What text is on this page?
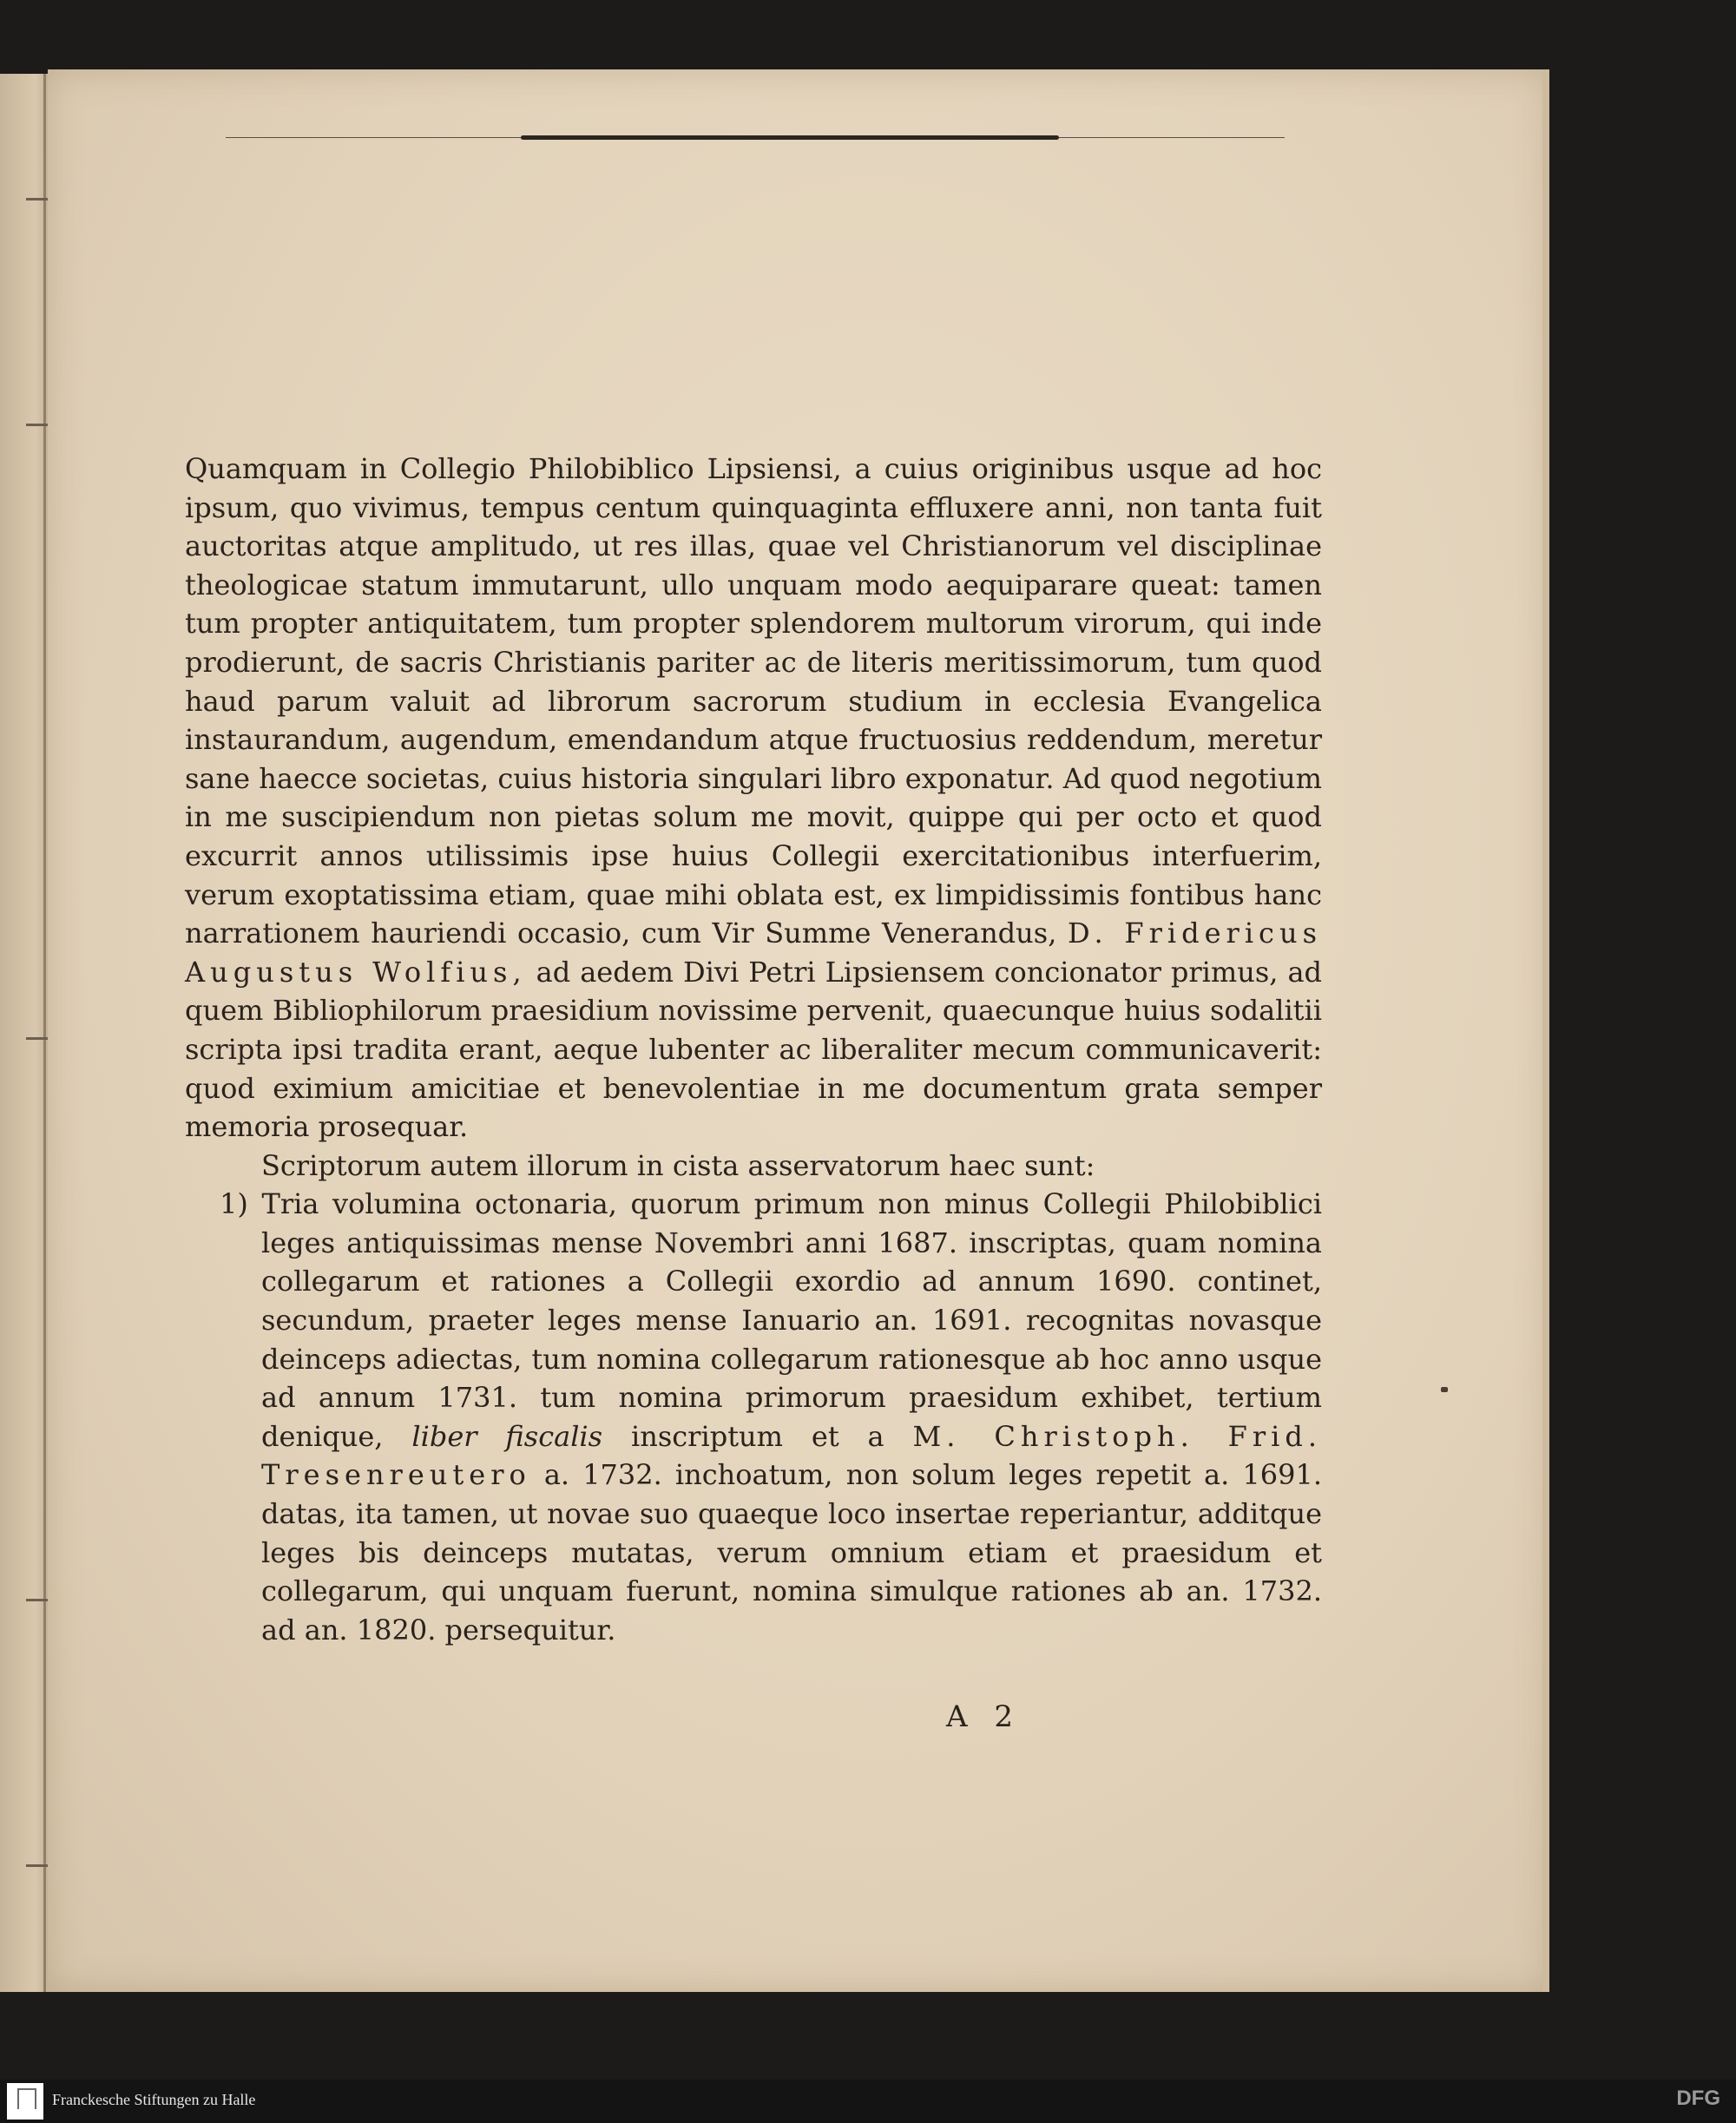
Quamquam in Collegio Philobiblico Lipsiensi, a cuius originibus usque ad hoc ipsum, quo vivimus, tempus centum quinquaginta effluxere anni, non tanta fuit auctoritas atque amplitudo, ut res illas, quae vel Christianorum vel disciplinae theologicae statum immutarunt, ullo unquam modo aequiparare queat: tamen tum propter antiquitatem, tum propter splendorem multorum virorum, qui inde prodierunt, de sacris Christianis pariter ac de literis meritissimorum, tum quod haud parum valuit ad librorum sacrorum studium in ecclesia Evangelica instaurandum, augendum, emendandum atque fructuosius reddendum, meretur sane haecce societas, cuius historia singulari libro exponatur. Ad quod negotium in me suscipiendum non pietas solum me movit, quippe qui per octo et quod excurrit annos utilissimis ipse huius Collegii exercitationibus interfuerim, verum exoptatissima etiam, quae mihi oblata est, ex limpidissimis fontibus hanc narrationem hauriendi occasio, cum Vir Summe Venerandus, D. Fridericus Augustus Wolfius, ad aedem Divi Petri Lipsiensem concionator primus, ad quem Bibliophilorum praesidium novissime pervenit, quaecunque huius sodalitii scripta ipsi tradita erant, aeque lubenter ac liberaliter mecum communicaverit: quod eximium amicitiae et benevolentiae in me documentum grata semper memoria prosequar.

Scriptorum autem illorum in cista asservatorum haec sunt:

1) Tria volumina octonaria, quorum primum non minus Collegii Philobiblici leges antiquissimas mense Novembri anni 1687. inscriptas, quam nomina collegarum et rationes a Collegii exordio ad annum 1690. continet, secundum, praeter leges mense Ianuario an. 1691. recognitas novasque deinceps adiectas, tum nomina collegarum rationesque ab hoc anno usque ad annum 1731. tum nomina primorum praesidum exhibet, tertium denique, liber fiscalis inscriptum et a M. Christoph. Frid. Tresenreutero a. 1732. inchoatum, non solum leges repetit a. 1691. datas, ita tamen, ut novae suo quaeque loco insertae reperiantur, additque leges bis deinceps mutatas, verum omnium etiam et praesidum et collegarum, qui unquam fuerunt, nomina simulque rationes ab an. 1732. ad an. 1820. persequitur.

A 2
Franckesche Stiftungen zu Halle	DFG
